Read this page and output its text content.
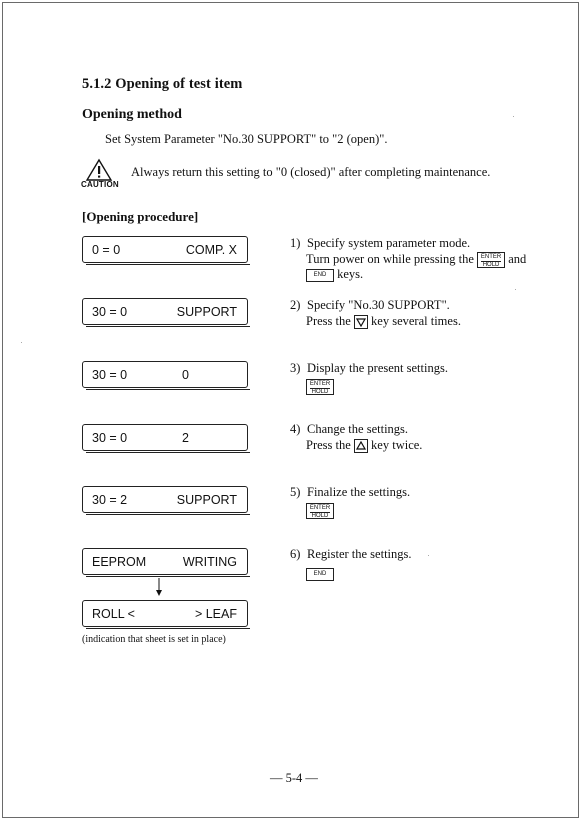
5.1.2 Opening of test item
Opening method
Set System Parameter "No.30 SUPPORT" to "2 (open)".
CAUTION
Always return this setting to "0 (closed)" after completing maintenance.
[Opening procedure]
0 = 0	COMP. X
30 = 0	SUPPORT
30 = 0	0
30 = 0	2
30 = 2	SUPPORT
EEPROM	WRITING
ROLL <	> LEAF
(indication that sheet is set in place)
1) Specify system parameter mode.
Turn power on while pressing the	ENTER
HOLD and
END keys.
2) Specify "No.30 SUPPORT".
Press the key several times.
3) Display the present settings.
ENTER
HOLD
4) Change the settings.
Press the key twice.
5) Finalize the settings.
ENTER
HOLD
6) Register the settings.
END
— 5-4 —
